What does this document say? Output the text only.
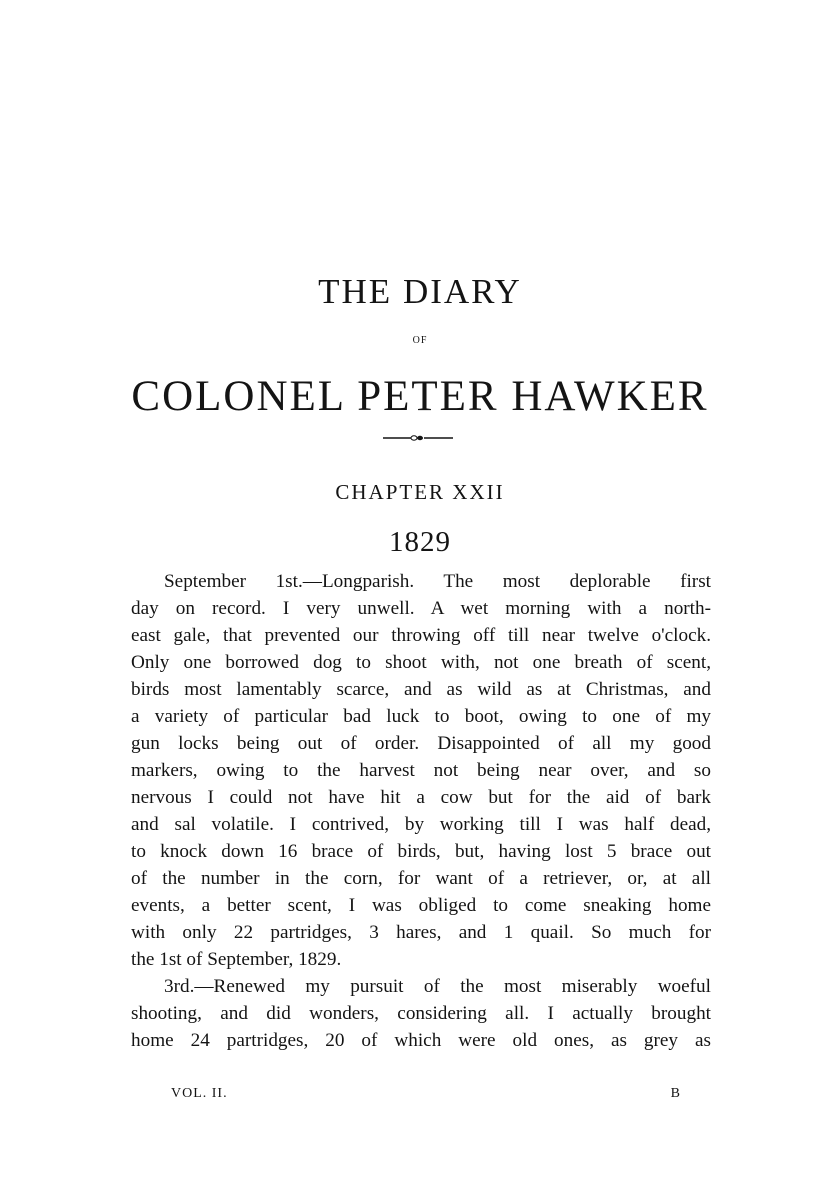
THE DIARY
OF
COLONEL PETER HAWKER
CHAPTER XXII
1829
September 1st.—Longparish. The most deplorable first
day on record. I very unwell. A wet morning with a north-
east gale, that prevented our throwing off till near twelve o'clock.
Only one borrowed dog to shoot with, not one breath of scent,
birds most lamentably scarce, and as wild as at Christmas, and
a variety of particular bad luck to boot, owing to one of my
gun locks being out of order. Disappointed of all my good
markers, owing to the harvest not being near over, and so
nervous I could not have hit a cow but for the aid of bark
and sal volatile. I contrived, by working till I was half dead,
to knock down 16 brace of birds, but, having lost 5 brace out
of the number in the corn, for want of a retriever, or, at all
events, a better scent, I was obliged to come sneaking home
with only 22 partridges, 3 hares, and 1 quail. So much for
the 1st of September, 1829.
3rd.—Renewed my pursuit of the most miserably woeful
shooting, and did wonders, considering all. I actually brought
home 24 partridges, 20 of which were old ones, as grey as
VOL. II.	B
